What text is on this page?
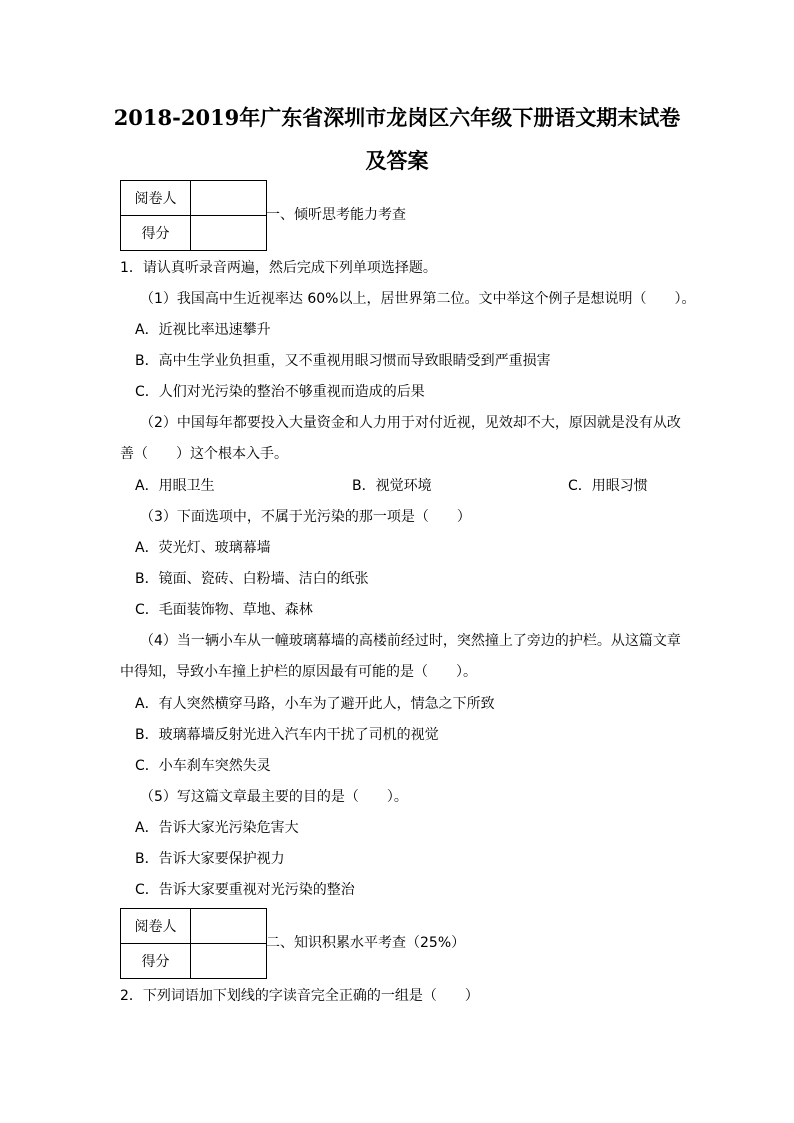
2018-2019年广东省深圳市龙岗区六年级下册语文期末试卷
及答案
阅卷人	
得分	
一、倾听思考能力考查
1．请认真听录音两遍，然后完成下列单项选择题。
（1）我国高中生近视率达 60%以上，居世界第二位。文中举这个例子是想说明（　　）。
A．近视比率迅速攀升
B．高中生学业负担重，又不重视用眼习惯而导致眼睛受到严重损害
C．人们对光污染的整治不够重视而造成的后果
（2）中国每年都要投入大量资金和人力用于对付近视，见效却不大，原因就是没有从改
善（　　）这个根本入手。
A．用眼卫生	B．视觉环境	C．用眼习惯
（3）下面选项中，不属于光污染的那一项是（　　）
A．荧光灯、玻璃幕墙
B．镜面、瓷砖、白粉墙、洁白的纸张
C．毛面装饰物、草地、森林
（4）当一辆小车从一幢玻璃幕墙的高楼前经过时，突然撞上了旁边的护栏。从这篇文章
中得知，导致小车撞上护栏的原因最有可能的是（　　）。
A．有人突然横穿马路，小车为了避开此人，情急之下所致
B．玻璃幕墙反射光进入汽车内干扰了司机的视觉
C．小车刹车突然失灵
（5）写这篇文章最主要的目的是（　　）。
A．告诉大家光污染危害大
B．告诉大家要保护视力
C．告诉大家要重视对光污染的整治
阅卷人	
得分	
二、知识积累水平考查（25%）
2．下列词语加下划线的字读音完全正确的一组是（　　）
